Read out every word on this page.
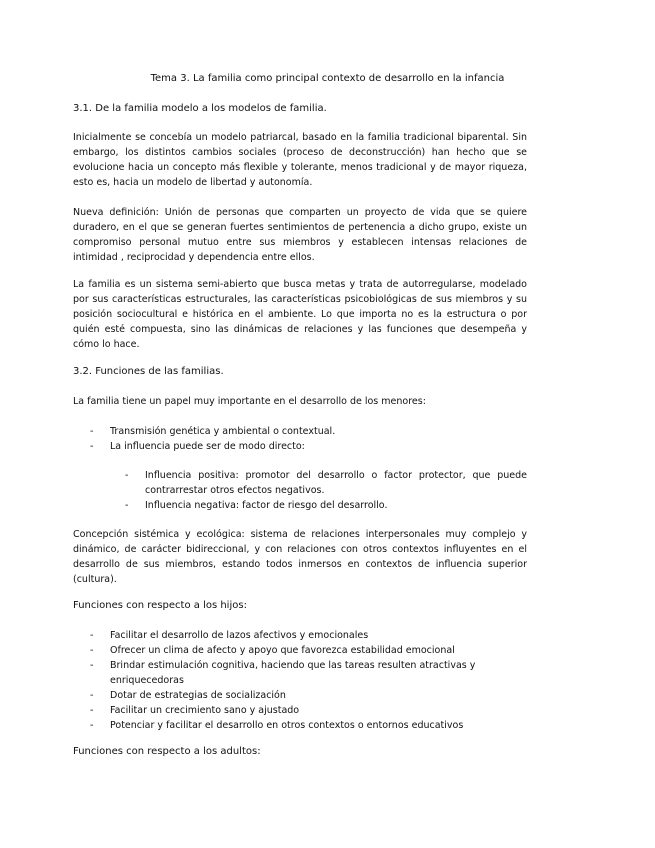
Tema 3. La familia como principal contexto de desarrollo en la infancia
3.1. De la familia modelo a los modelos de familia.

Inicialmente se concebía un modelo patriarcal, basado en la familia tradicional biparental. Sin embargo, los distintos cambios sociales (proceso de deconstrucción) han hecho que se evolucione hacia un concepto más flexible y tolerante, menos tradicional y de mayor riqueza, esto es, hacia un modelo de libertad y autonomía.

Nueva definición: Unión de personas que comparten un proyecto de vida que se quiere duradero, en el que se generan fuertes sentimientos de pertenencia a dicho grupo, existe un compromiso personal mutuo entre sus miembros y establecen intensas relaciones de intimidad , reciprocidad y dependencia entre ellos.

La familia es un sistema semi-abierto que busca metas y trata de autorregularse, modelado por sus características estructurales, las características psicobiológicas de sus miembros y su posición sociocultural e histórica en el ambiente. Lo que importa no es la estructura o por quién esté compuesta, sino las dinámicas de relaciones y las funciones que desempeña y cómo lo hace.

3.2. Funciones de las familias.

La familia tiene un papel muy importante en el desarrollo de los menores:

- Transmisión genética y ambiental o contextual.
- La influencia puede ser de modo directo:
- Influencia positiva: promotor del desarrollo o factor protector, que puede contrarrestar otros efectos negativos.
- Influencia negativa: factor de riesgo del desarrollo.

Concepción sistémica y ecológica: sistema de relaciones interpersonales muy complejo y dinámico, de carácter bidireccional, y con relaciones con otros contextos influyentes en el desarrollo de sus miembros, estando todos inmersos en contextos de influencia superior (cultura).

Funciones con respecto a los hijos:
- Facilitar el desarrollo de lazos afectivos y emocionales
- Ofrecer un clima de afecto y apoyo que favorezca estabilidad emocional
- Brindar estimulación cognitiva, haciendo que las tareas resulten atractivas y enriquecedoras
- Dotar de estrategias de socialización
- Facilitar un crecimiento sano y ajustado
- Potenciar y facilitar el desarrollo en otros contextos o entornos educativos
Funciones con respecto a los adultos:
